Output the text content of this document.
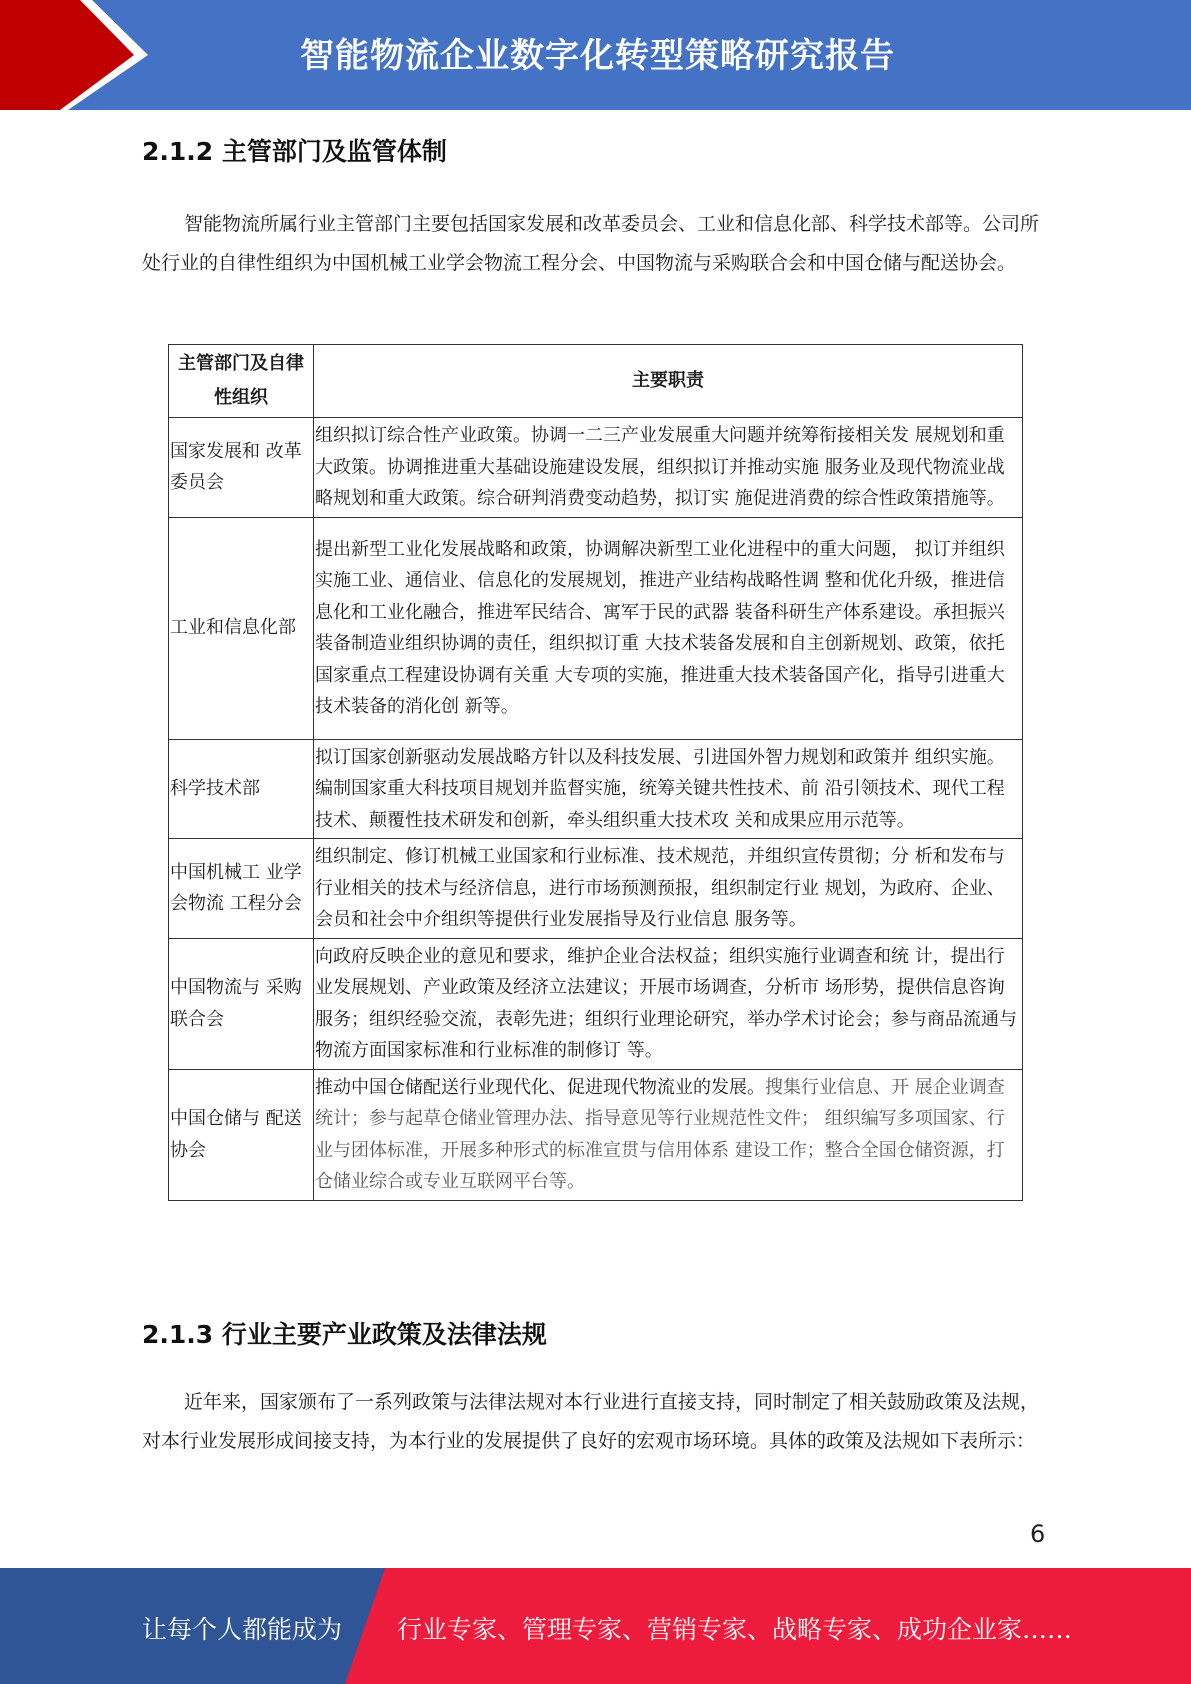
智能物流企业数字化转型策略研究报告
2.1.2 主管部门及监管体制

智能物流所属行业主管部门主要包括国家发展和改革委员会、工业和信息化部、科学技术部等。公司所处行业的自律性组织为中国机械工业学会物流工程分会、中国物流与采购联合会和中国仓储与配送协会。

主管部门及自律性组织	主要职责
国家发展和 改革委员会	组织拟订综合性产业政策。协调一二三产业发展重大问题并统筹衔接相关发 展规划和重大政策。协调推进重大基础设施建设发展，组织拟订并推动实施 服务业及现代物流业战略规划和重大政策。综合研判消费变动趋势，拟订实 施促进消费的综合性政策措施等。
工业和信息化部	提出新型工业化发展战略和政策，协调解决新型工业化进程中的重大问题， 拟订并组织实施工业、通信业、信息化的发展规划，推进产业结构战略性调 整和优化升级，推进信息化和工业化融合，推进军民结合、寓军于民的武器 装备科研生产体系建设。承担振兴装备制造业组织协调的责任，组织拟订重 大技术装备发展和自主创新规划、政策，依托国家重点工程建设协调有关重 大专项的实施，推进重大技术装备国产化，指导引进重大技术装备的消化创 新等。
科学技术部	拟订国家创新驱动发展战略方针以及科技发展、引进国外智力规划和政策并 组织实施。编制国家重大科技项目规划并监督实施，统筹关键共性技术、前 沿引领技术、现代工程技术、颠覆性技术研发和创新，牵头组织重大技术攻 关和成果应用示范等。
中国机械工 业学会物流 工程分会	组织制定、修订机械工业国家和行业标准、技术规范，并组织宣传贯彻；分 析和发布与行业相关的技术与经济信息，进行市场预测预报，组织制定行业 规划，为政府、企业、会员和社会中介组织等提供行业发展指导及行业信息 服务等。
中国物流与 采购联合会	向政府反映企业的意见和要求，维护企业合法权益；组织实施行业调查和统 计，提出行业发展规划、产业政策及经济立法建议；开展市场调查，分析市 场形势，提供信息咨询服务；组织经验交流，表彰先进；组织行业理论研究，举办学术讨论会；参与商品流通与物流方面国家标准和行业标准的制修订 等。
中国仓储与 配送协会	推动中国仓储配送行业现代化、促进现代物流业的发展。搜集行业信息、开 展企业调查统计；参与起草仓储业管理办法、指导意见等行业规范性文件； 组织编写多项国家、行业与团体标准，开展多种形式的标准宣贯与信用体系 建设工作；整合全国仓储资源，打仓储业综合或专业互联网平台等。
2.1.3 行业主要产业政策及法律法规

近年来，国家颁布了一系列政策与法律法规对本行业进行直接支持，同时制定了相关鼓励政策及法规，对本行业发展形成间接支持，为本行业的发展提供了良好的宏观市场环境。具体的政策及法规如下表所示：

6
让每个人都能成为 行业专家、管理专家、营销专家、战略专家、成功企业家……
